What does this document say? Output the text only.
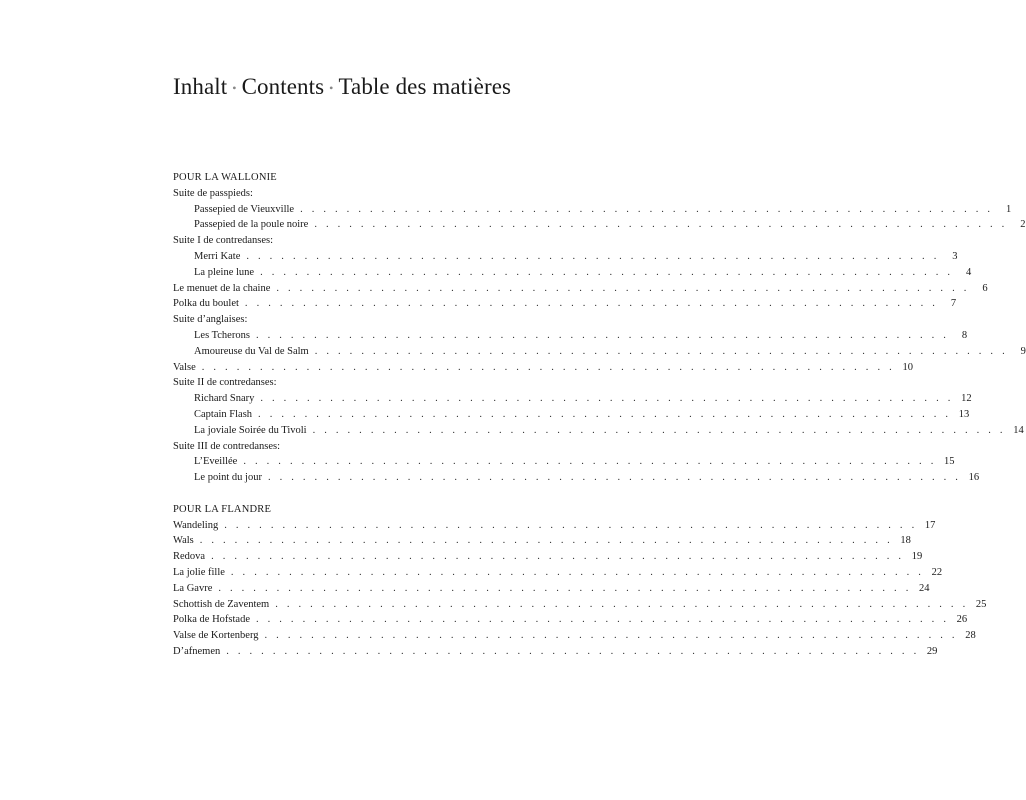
Inhalt • Contents • Table des matières
POUR LA WALLONIE
Suite de passpieds:
Passepied de Vieuxville . . . . . . . . . . . . . . . . . . . . . . . . . . . . . . . . . . . . . . . . . . . . . . . . . . . . . . . . . . . .	1
Passepied de la poule noire . . . . . . . . . . . . . . . . . . . . . . . . . . . . . . . . . . . . . . . . . . . . . . . . . . . . . . . . . . . .	2
Suite I de contredanses:
Merri Kate . . . . . . . . . . . . . . . . . . . . . . . . . . . . . . . . . . . . . . . . . . . . . . . . . . . . . . . . . . . .	3
La pleine lune . . . . . . . . . . . . . . . . . . . . . . . . . . . . . . . . . . . . . . . . . . . . . . . . . . . . . . . . . . . .	4
Le menuet de la chaine . . . . . . . . . . . . . . . . . . . . . . . . . . . . . . . . . . . . . . . . . . . . . . . . . . . . . . . . . . . .	6
Polka du boulet . . . . . . . . . . . . . . . . . . . . . . . . . . . . . . . . . . . . . . . . . . . . . . . . . . . . . . . . . . . .	7
Suite d’anglaises:
Les Tcherons . . . . . . . . . . . . . . . . . . . . . . . . . . . . . . . . . . . . . . . . . . . . . . . . . . . . . . . . . . . .	8
Amoureuse du Val de Salm . . . . . . . . . . . . . . . . . . . . . . . . . . . . . . . . . . . . . . . . . . . . . . . . . . . . . . . . . . . .	9
Valse . . . . . . . . . . . . . . . . . . . . . . . . . . . . . . . . . . . . . . . . . . . . . . . . . . . . . . . . . . . . 10
Suite II de contredanses:
Richard Snary . . . . . . . . . . . . . . . . . . . . . . . . . . . . . . . . . . . . . . . . . . . . . . . . . . . . . . . . . . . . 12
Captain Flash . . . . . . . . . . . . . . . . . . . . . . . . . . . . . . . . . . . . . . . . . . . . . . . . . . . . . . . . . . . . 13
La joviale Soirée du Tivoli . . . . . . . . . . . . . . . . . . . . . . . . . . . . . . . . . . . . . . . . . . . . . . . . . . . . . . . . . . . . 14
Suite III de contredanses:
L’Eveillée . . . . . . . . . . . . . . . . . . . . . . . . . . . . . . . . . . . . . . . . . . . . . . . . . . . . . . . . . . . . 15
Le point du jour . . . . . . . . . . . . . . . . . . . . . . . . . . . . . . . . . . . . . . . . . . . . . . . . . . . . . . . . . . . . 16
POUR LA FLANDRE
Wandeling . . . . . . . . . . . . . . . . . . . . . . . . . . . . . . . . . . . . . . . . . . . . . . . . . . . . . . . . . . . . 17
Wals . . . . . . . . . . . . . . . . . . . . . . . . . . . . . . . . . . . . . . . . . . . . . . . . . . . . . . . . . . . . 18
Redova . . . . . . . . . . . . . . . . . . . . . . . . . . . . . . . . . . . . . . . . . . . . . . . . . . . . . . . . . . . . 19
La jolie fille . . . . . . . . . . . . . . . . . . . . . . . . . . . . . . . . . . . . . . . . . . . . . . . . . . . . . . . . . . . . 22
La Gavre . . . . . . . . . . . . . . . . . . . . . . . . . . . . . . . . . . . . . . . . . . . . . . . . . . . . . . . . . . . . 24
Schottish de Zaventem . . . . . . . . . . . . . . . . . . . . . . . . . . . . . . . . . . . . . . . . . . . . . . . . . . . . . . . . . . . . 25
Polka de Hofstade . . . . . . . . . . . . . . . . . . . . . . . . . . . . . . . . . . . . . . . . . . . . . . . . . . . . . . . . . . . . 26
Valse de Kortenberg . . . . . . . . . . . . . . . . . . . . . . . . . . . . . . . . . . . . . . . . . . . . . . . . . . . . . . . . . . . . 28
D’afnemen . . . . . . . . . . . . . . . . . . . . . . . . . . . . . . . . . . . . . . . . . . . . . . . . . . . . . . . . . . . . 29
